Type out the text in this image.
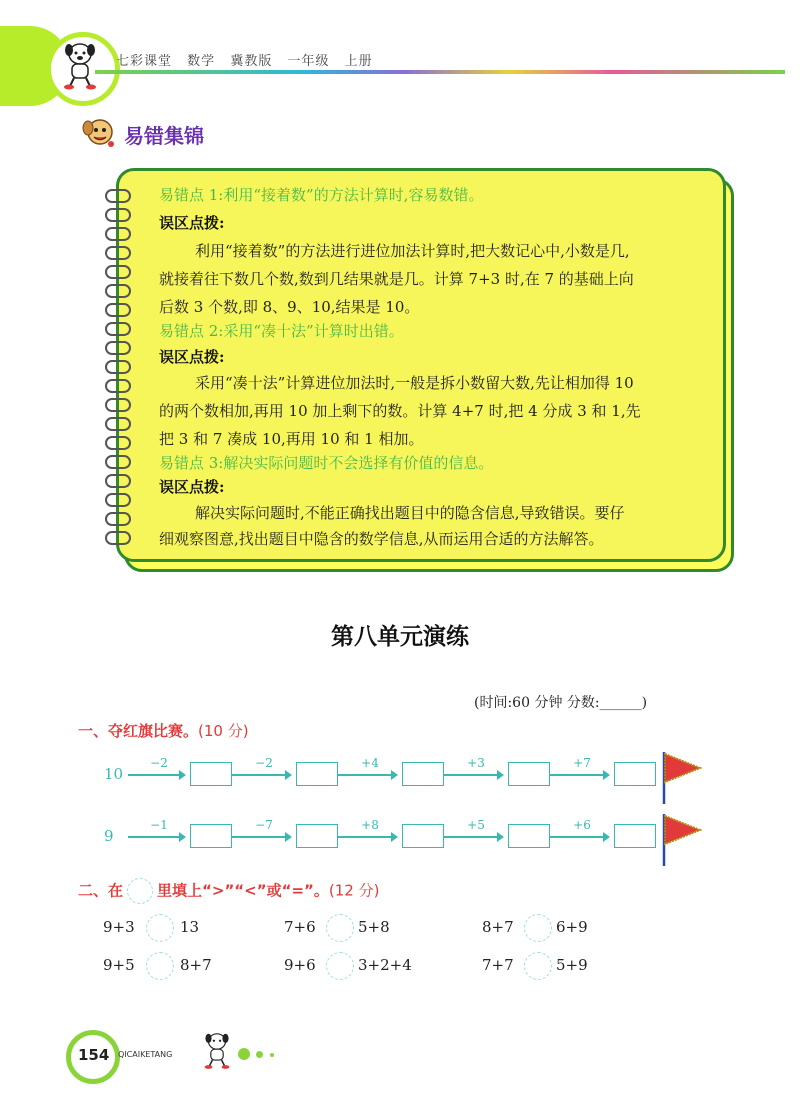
七彩课堂 数学 冀教版 一年级 上册
易错集锦
易错点 1:利用“接着数”的方法计算时,容易数错。
误区点拨:
利用“接着数”的方法进行进位加法计算时,把大数记心中,小数是几,
就接着往下数几个数,数到几结果就是几。计算 7+3 时,在 7 的基础上向
后数 3 个数,即 8、9、10,结果是 10。
易错点 2:采用“凑十法”计算时出错。
误区点拨:
采用“凑十法”计算进位加法时,一般是拆小数留大数,先让相加得 10
的两个数相加,再用 10 加上剩下的数。计算 4+7 时,把 4 分成 3 和 1,先
把 3 和 7 凑成 10,再用 10 和 1 相加。
易错点 3:解决实际问题时不会选择有价值的信息。
误区点拨:
解决实际问题时,不能正确找出题目中的隐含信息,导致错误。要仔
细观察图意,找出题目中隐含的数学信息,从而运用合适的方法解答。
第八单元演练
(时间:60 分钟 分数:______)
一、夺红旗比赛。(10 分)
10
−2	−2	+4	+3	+7
9
−1	−7	+8	+5	+6
二、在 里填上“>”“<”或“=”。(12 分)
9+3	13	7+6	5+8	8+7	6+9
9+5	8+7	9+6	3+2+4	7+7	5+9
154 QICAIKETANG
